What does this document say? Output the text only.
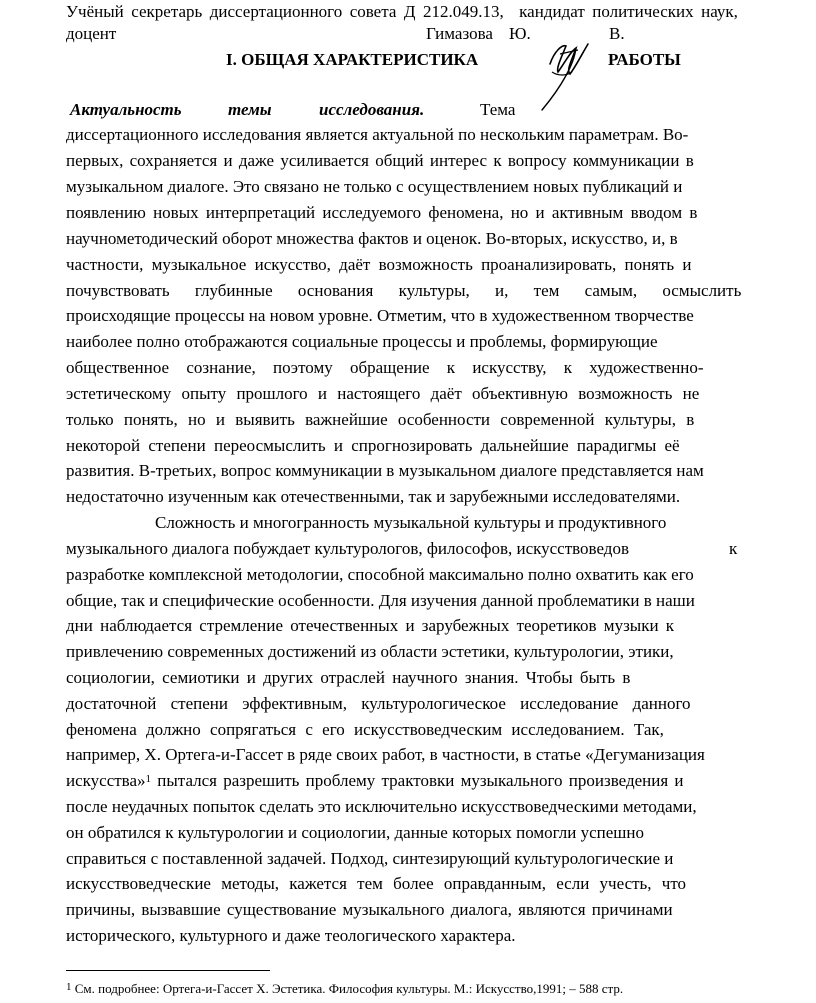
Учёный секретарь диссертационного совета Д 212.049.13, кандидат политических наук,
доцент	Гимазова Ю.	В.
I. ОБЩАЯ ХАРАКТЕРИСТИКА	РАБОТЫ
Актуальность	темы	исследования.	Тема
диссертационного исследования является актуальной по нескольким параметрам. Во-
первых, сохраняется и даже усиливается общий интерес к вопросу коммуникации в
музыкальном диалоге. Это связано не только с осуществлением новых публикаций и
появлению новых интерпретаций исследуемого феномена, но и активным вводом в
научнометодический оборот множества фактов и оценок. Во-вторых, искусство, и, в
частности, музыкальное искусство, даёт возможность проанализировать, понять и
почувствовать глубинные основания культуры, и, тем самым, осмыслить
происходящие процессы на новом уровне. Отметим, что в художественном творчестве
наиболее полно отображаются социальные процессы и проблемы, формирующие
общественное сознание, поэтому обращение к искусству, к художественно-
эстетическому опыту прошлого и настоящего даёт объективную возможность не
только понять, но и выявить важнейшие особенности современной культуры, в
некоторой степени переосмыслить и спрогнозировать дальнейшие парадигмы её
развития. В-третьих, вопрос коммуникации в музыкальном диалоге представляется нам
недостаточно изученным как отечественными, так и зарубежными исследователями.
Сложность и многогранность музыкальной культуры и продуктивного
музыкального диалога побуждает культурологов, философов, искусствоведов	к
разработке комплексной методологии, способной максимально полно охватить как его
общие, так и специфические особенности. Для изучения данной проблематики в наши
дни наблюдается стремление отечественных и зарубежных теоретиков музыки к
привлечению современных достижений из области эстетики, культурологии, этики,
социологии, семиотики и других отраслей научного знания. Чтобы быть в
достаточной степени эффективным, культурологическое исследование данного
феномена должно сопрягаться с его искусствоведческим исследованием. Так,
например, Х. Ортега-и-Гассет в ряде своих работ, в частности, в статье «Дегуманизация
искусства»$^1$ пытался разрешить проблему трактовки музыкального произведения и
после неудачных попыток сделать это исключительно искусствоведческими методами,
он обратился к культурологии и социологии, данные которых помогли успешно
справиться с поставленной задачей. Подход, синтезирующий культурологические и
искусствоведческие методы, кажется тем более оправданным, если учесть, что
причины, вызвавшие существование музыкального диалога, являются причинами
исторического, культурного и даже теологического характера.
$^1$ См. подробнее: Ортега-и-Гассет Х. Эстетика. Философия культуры. М.: Искусство,1991; – 588 стр.
